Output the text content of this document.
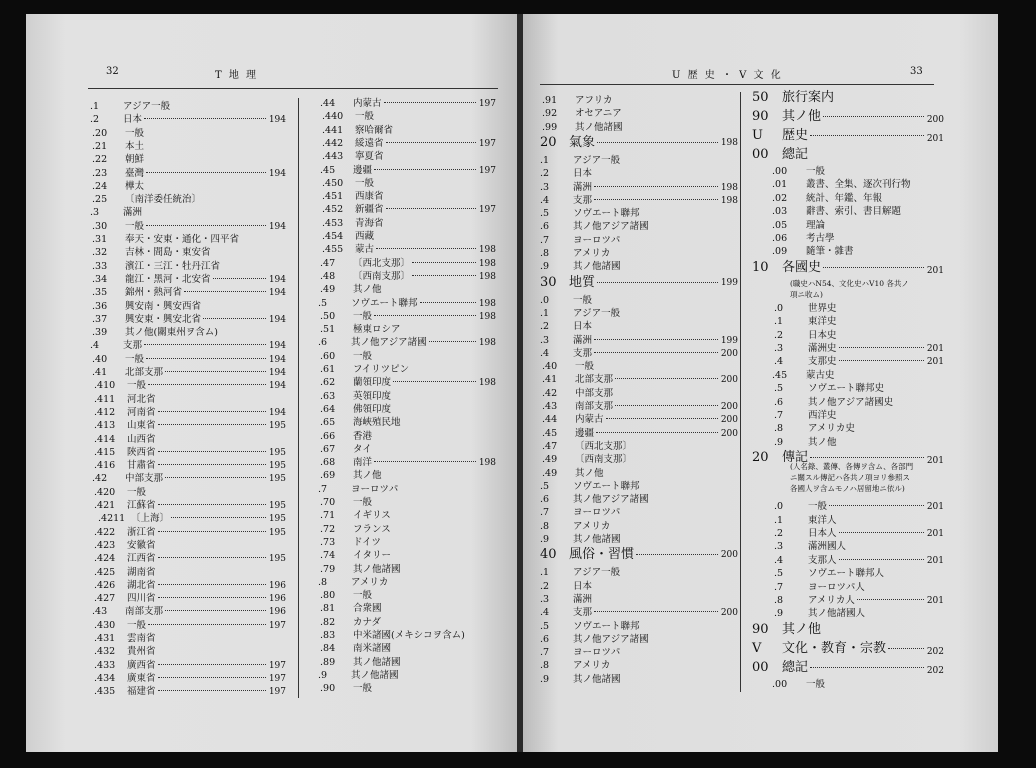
32	T 地 理	U 歴 史 ・ V 文 化	33
.1	アジア一般
.2	日本	194
.20 一般
.21 本土
.22 朝鮮
.23 臺灣	194
.24 樺太
.25 〔南洋委任統治〕
.3	滿洲
.30 一般	194
.31 奉天・安東・通化・四平省
.32 吉林・間島・東安省
.33 濱江・三江・牡丹江省
.34 龍江・黑河・北安省	194
.35 錦州・熱河省	194
.36 興安南・興安西省
.37 興安東・興安北省	194
.39 其ノ他(關東州ヲ含ム)
.4	支那	194
.40 一般	194
.41 北部支那	194
.410 一般	194
.411 河北省
.412 河南省	194
.413 山東省	195
.414 山西省
.415 陝西省	195
.416 甘肅省	195
.42 中部支那	195
.420 一般
.421 江蘇省	195
.4211 〔上海〕	195
.422 浙江省	195
.423 安徽省
.424 江西省	195
.425 湖南省
.426 湖北省	196
.427 四川省	196
.43 南部支那	196
.430 一般	197
.431 雲南省
.432 貴州省
.433 廣西省	197
.434 廣東省	197
.435 福建省	197
.44 内蒙古	197
.440 一般
.441 察哈爾省
.442 綏遠省	197
.443 寧夏省
.45 邊疆	197
.450 一般
.451 西康省
.452 新疆省	197
.453 青海省
.454 西藏
.455 蒙古	198
.47 〔西北支那〕	198
.48 〔西南支那〕	198
.49 其ノ他
.5	ソヴエート聯邦	198
.50 一般	198
.51 極東ロシア
.6	其ノ他アジア諸國	198
.60 一般
.61 フイリツピン
.62 蘭領印度	198
.63 英領印度
.64 佛領印度
.65 海峽殖民地
.66 香港
.67 タイ
.68 南洋	198
.69 其ノ他
.7	ヨーロツパ
.70 一般
.71 イギリス
.72 フランス
.73 ドイツ
.74 イタリー
.79 其ノ他諸國
.8	アメリカ
.80 一般
.81 合衆國
.82 カナダ
.83 中米諸國(メキシコヲ含ム)
.84 南米諸國
.89 其ノ他諸國
.9	其ノ他諸國
.90 一般
.91 アフリカ
.92 オセアニア
.99 其ノ他諸國
20 氣象	198
.1	アジア一般
.2	日本
.3	滿洲	198
.4	支那	198
.5	ソヴエート聯邦
.6	其ノ他アジア諸國
.7	ヨーロツパ
.8	アメリカ
.9	其ノ他諸國
30 地質	199
.0	一般
.1	アジア一般
.2	日本
.3	滿洲	199
.4	支那	200
.40 一般
.41 北部支那	200
.42 中部支那
.43 南部支那	200
.44 内蒙古	200
.45 邊疆	200
.47 〔西北支那〕
.49 〔西南支那〕
.49 其ノ他
.5	ソヴエート聯邦
.6	其ノ他アジア諸國
.7	ヨーロツパ
.8	アメリカ
.9	其ノ他諸國
40 風俗・習慣	200
.1	アジア一般
.2	日本
.3	滿洲
.4	支那	200
.5	ソヴエート聯邦
.6	其ノ他アジア諸國
.7	ヨーロツパ
.8	アメリカ
.9	其ノ他諸國
50 旅行案内
90 其ノ他	200
U 歴史	201
00 總記
.00 一般
.01 叢書、全集、逐次刊行物
.02 統計、年鑑、年報
.03 辭書、索引、書目解題
.05 理論
.06 考古學
.09 隨筆・雜書
10 各國史	201
.0	世界史
.1	東洋史
.2	日本史
.3	滿洲史	201
.4	支那史	201
.45 蒙古史
.5	ソヴエート聯邦史
.6	其ノ他アジア諸國史
.7	西洋史
.8	アメリカ史
.9	其ノ他
20 傳記	201
.0	一般	201
.1	東洋人
.2	日本人	201
.3	滿洲國人
.4	支那人	201
.5	ソヴエート聯邦人
.7	ヨーロツパ人
.8	アメリカ人	201
.9	其ノ他諸國人
90 其ノ他
V 文化・教育・宗教	202
00 總記	202
.00 一般
(職史ハN54、文化史ハV10 各共ノ
項ニ收ム)
(人名錄、叢傳、各傳ヲ含ム、各部門
ニ關スル傳記ハ各共ノ項ヨリ參照ス
各國人ヲ含ムモノハ居留地ニ依ル)
